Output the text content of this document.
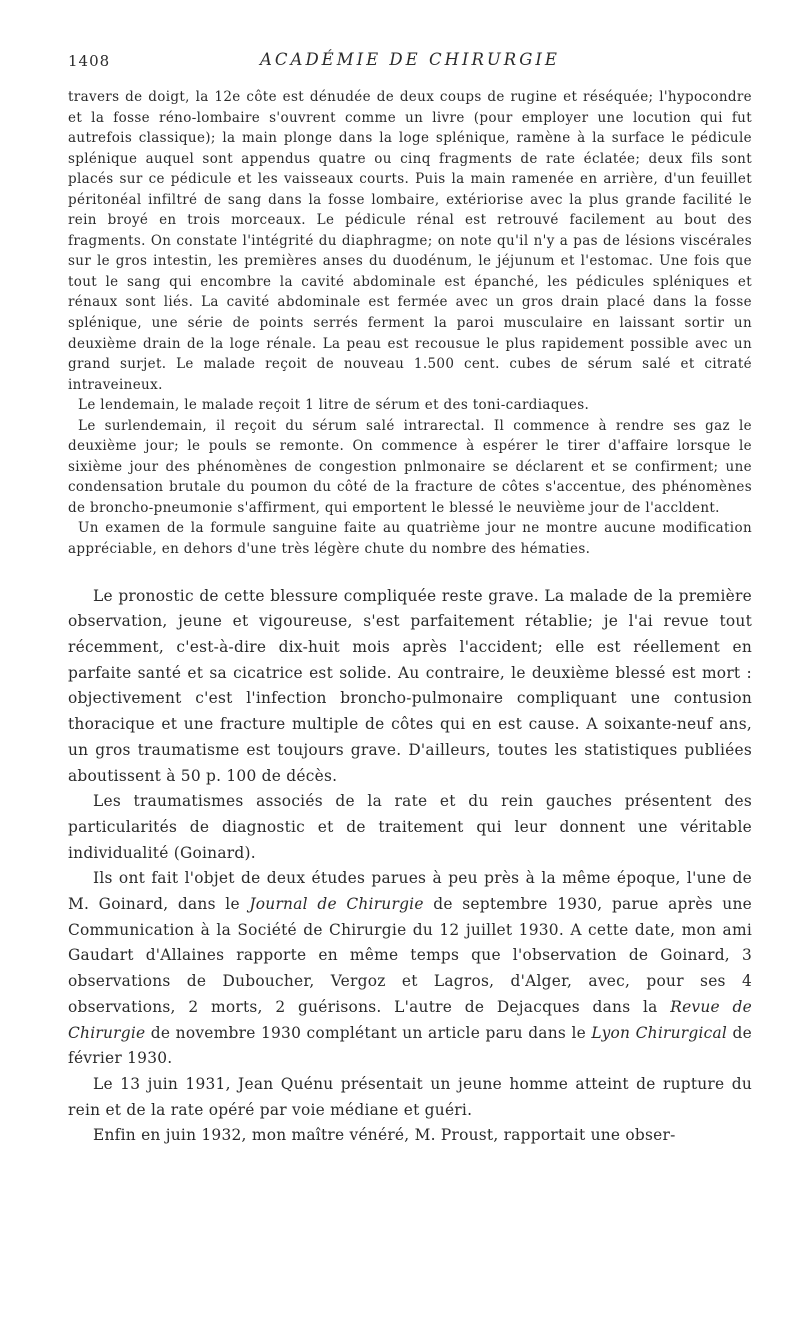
1408	ACADÉMIE DE CHIRURGIE

travers de doigt, la 12e côte est dénudée de deux coups de rugine et réséquée; l'hypocondre et la fosse réno-lombaire s'ouvrent comme un livre (pour employer une locution qui fut autrefois classique); la main plonge dans la loge splénique, ramène à la surface le pédicule splénique auquel sont appendus quatre ou cinq fragments de rate éclatée; deux fils sont placés sur ce pédicule et les vaisseaux courts. Puis la main ramenée en arrière, d'un feuillet péritonéal infiltré de sang dans la fosse lombaire, extériorise avec la plus grande facilité le rein broyé en trois morceaux. Le pédicule rénal est retrouvé facilement au bout des fragments. On constate l'intégrité du diaphragme; on note qu'il n'y a pas de lésions viscérales sur le gros intestin, les premières anses du duodénum, le jéjunum et l'estomac. Une fois que tout le sang qui encombre la cavité abdominale est épanché, les pédicules spléniques et rénaux sont liés. La cavité abdominale est fermée avec un gros drain placé dans la fosse splénique, une série de points serrés ferment la paroi musculaire en laissant sortir un deuxième drain de la loge rénale. La peau est recousue le plus rapidement possible avec un grand surjet. Le malade reçoit de nouveau 1.500 cent. cubes de sérum salé et citraté intraveineux.

Le lendemain, le malade reçoit 1 litre de sérum et des toni-cardiaques.

Le surlendemain, il reçoit du sérum salé intrarectal. Il commence à rendre ses gaz le deuxième jour; le pouls se remonte. On commence à espérer le tirer d'affaire lorsque le sixième jour des phénomènes de congestion pnlmonaire se déclarent et se confirment; une condensation brutale du poumon du côté de la fracture de côtes s'accentue, des phénomènes de broncho-pneumonie s'affirment, qui emportent le blessé le neuvième jour de l'accldent.

Un examen de la formule sanguine faite au quatrième jour ne montre aucune modification appréciable, en dehors d'une très légère chute du nombre des hématies.

Le pronostic de cette blessure compliquée reste grave. La malade de la première observation, jeune et vigoureuse, s'est parfaitement rétablie; je l'ai revue tout récemment, c'est-à-dire dix-huit mois après l'accident; elle est réellement en parfaite santé et sa cicatrice est solide. Au contraire, le deuxième blessé est mort : objectivement c'est l'infection broncho-pulmonaire compliquant une contusion thoracique et une fracture multiple de côtes qui en est cause. A soixante-neuf ans, un gros traumatisme est toujours grave. D'ailleurs, toutes les statistiques publiées aboutissent à 50 p. 100 de décès.

Les traumatismes associés de la rate et du rein gauches présentent des particularités de diagnostic et de traitement qui leur donnent une véritable individualité (Goinard).

Ils ont fait l'objet de deux études parues à peu près à la même époque, l'une de M. Goinard, dans le Journal de Chirurgie de septembre 1930, parue après une Communication à la Société de Chirurgie du 12 juillet 1930. A cette date, mon ami Gaudart d'Allaines rapporte en même temps que l'observation de Goinard, 3 observations de Duboucher, Vergoz et Lagros, d'Alger, avec, pour ses 4 observations, 2 morts, 2 guérisons. L'autre de Dejacques dans la Revue de Chirurgie de novembre 1930 complétant un article paru dans le Lyon Chirurgical de février 1930.

Le 13 juin 1931, Jean Quénu présentait un jeune homme atteint de rupture du rein et de la rate opéré par voie médiane et guéri.

Enfin en juin 1932, mon maître vénéré, M. Proust, rapportait une obser-
